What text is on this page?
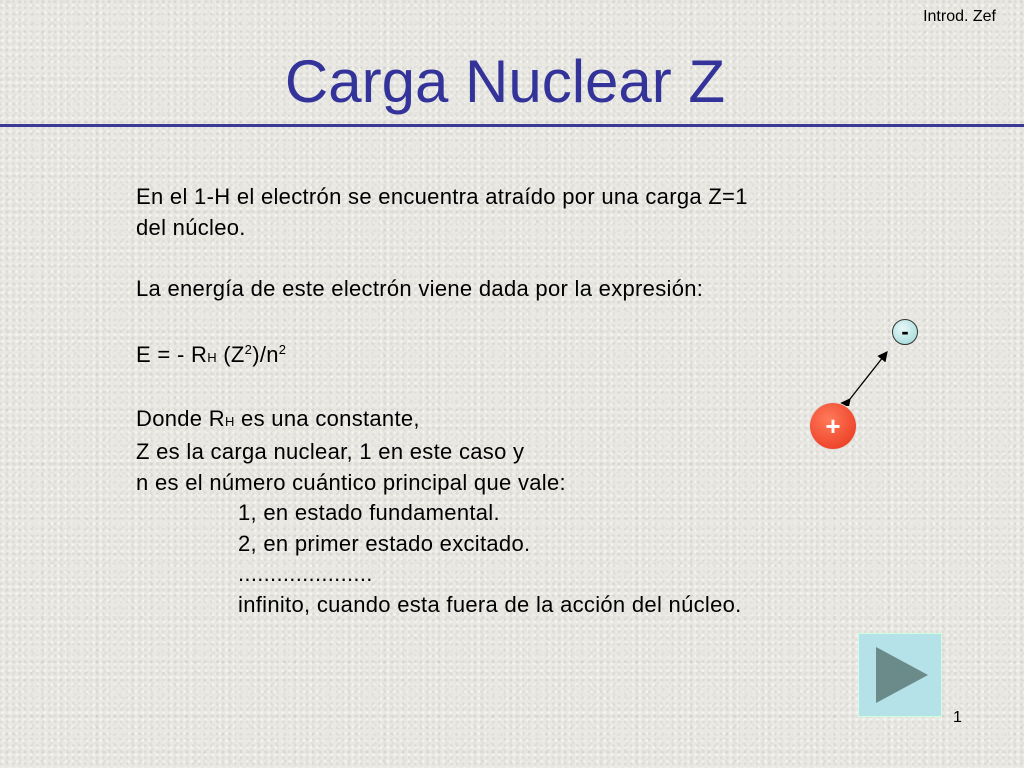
Introd. Zef
Carga Nuclear Z
En el 1-H el electrón se encuentra atraído por una carga Z=1
del núcleo.
La energía de este electrón viene dada por la expresión:
E = - RH $(Z^2)/n^2$
Donde RH es una constante,
Z es la carga nuclear, 1 en este caso y
n es el número cuántico principal que vale:
1, en estado fundamental.
2, en primer estado excitado.
.....................
infinito, cuando esta fuera de la acción del núcleo.
-
+
1
